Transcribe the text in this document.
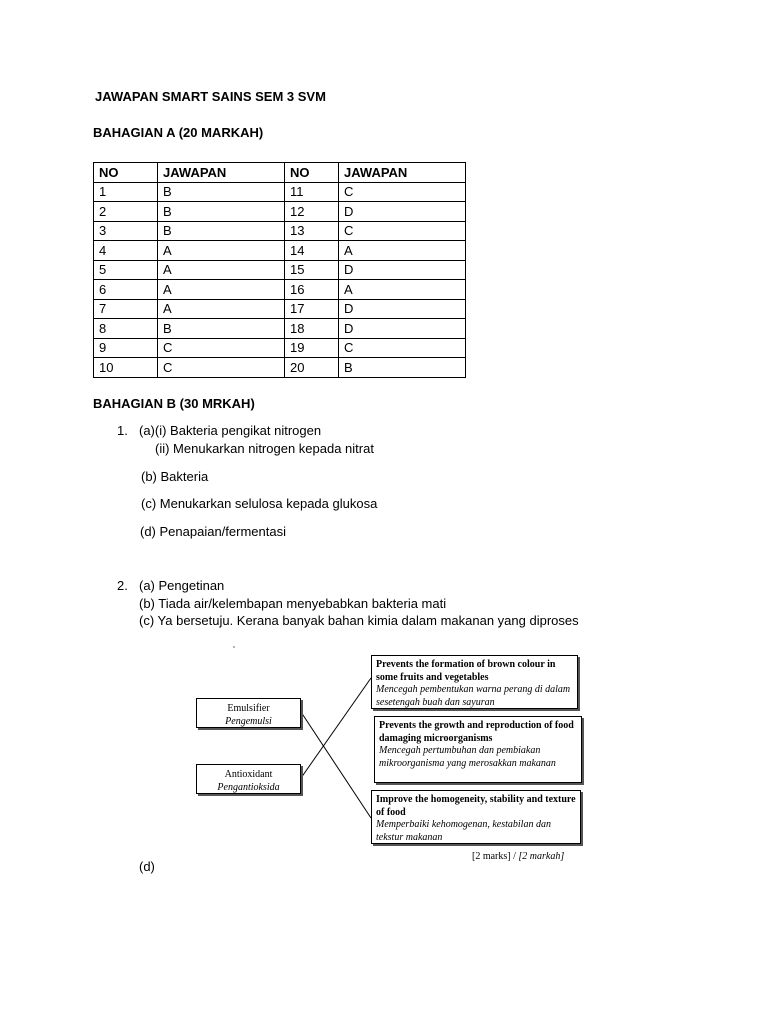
JAWAPAN SMART SAINS SEM 3 SVM
BAHAGIAN A (20 MARKAH)
NO	JAWAPAN	NO	JAWAPAN
1	B	11	C
2	B	12	D
3	B	13	C
4	A	14	A
5	A	15	D
6	A	16	A
7	A	17	D
8	B	18	D
9	C	19	C
10	C	20	B
BAHAGIAN B (30 MRKAH)
1. (a)(i) Bakteria pengikat nitrogen
(ii) Menukarkan nitrogen kepada nitrat
(b) Bakteria
(c) Menukarkan selulosa kepada glukosa
(d) Penapaian/fermentasi
2. (a) Pengetinan
(b) Tiada air/kelembapan menyebabkan bakteria mati
(c) Ya bersetuju. Kerana banyak bahan kimia dalam makanan yang diproses
Emulsifier
Pengemulsi
Antioxidant
Pengantioksida
Prevents the formation of brown colour in some fruits and vegetables
Mencegah pembentukan warna perang di dalam sesetengah buah dan sayuran
Prevents the growth and reproduction of food damaging microorganisms
Mencegah pertumbuhan dan pembiakan mikroorganisma yang merosakkan makanan
Improve the homogeneity, stability and texture of food
Memperbaiki kehomogenan, kestabilan dan tekstur makanan
[2 marks] / [2 markah]
(d)
